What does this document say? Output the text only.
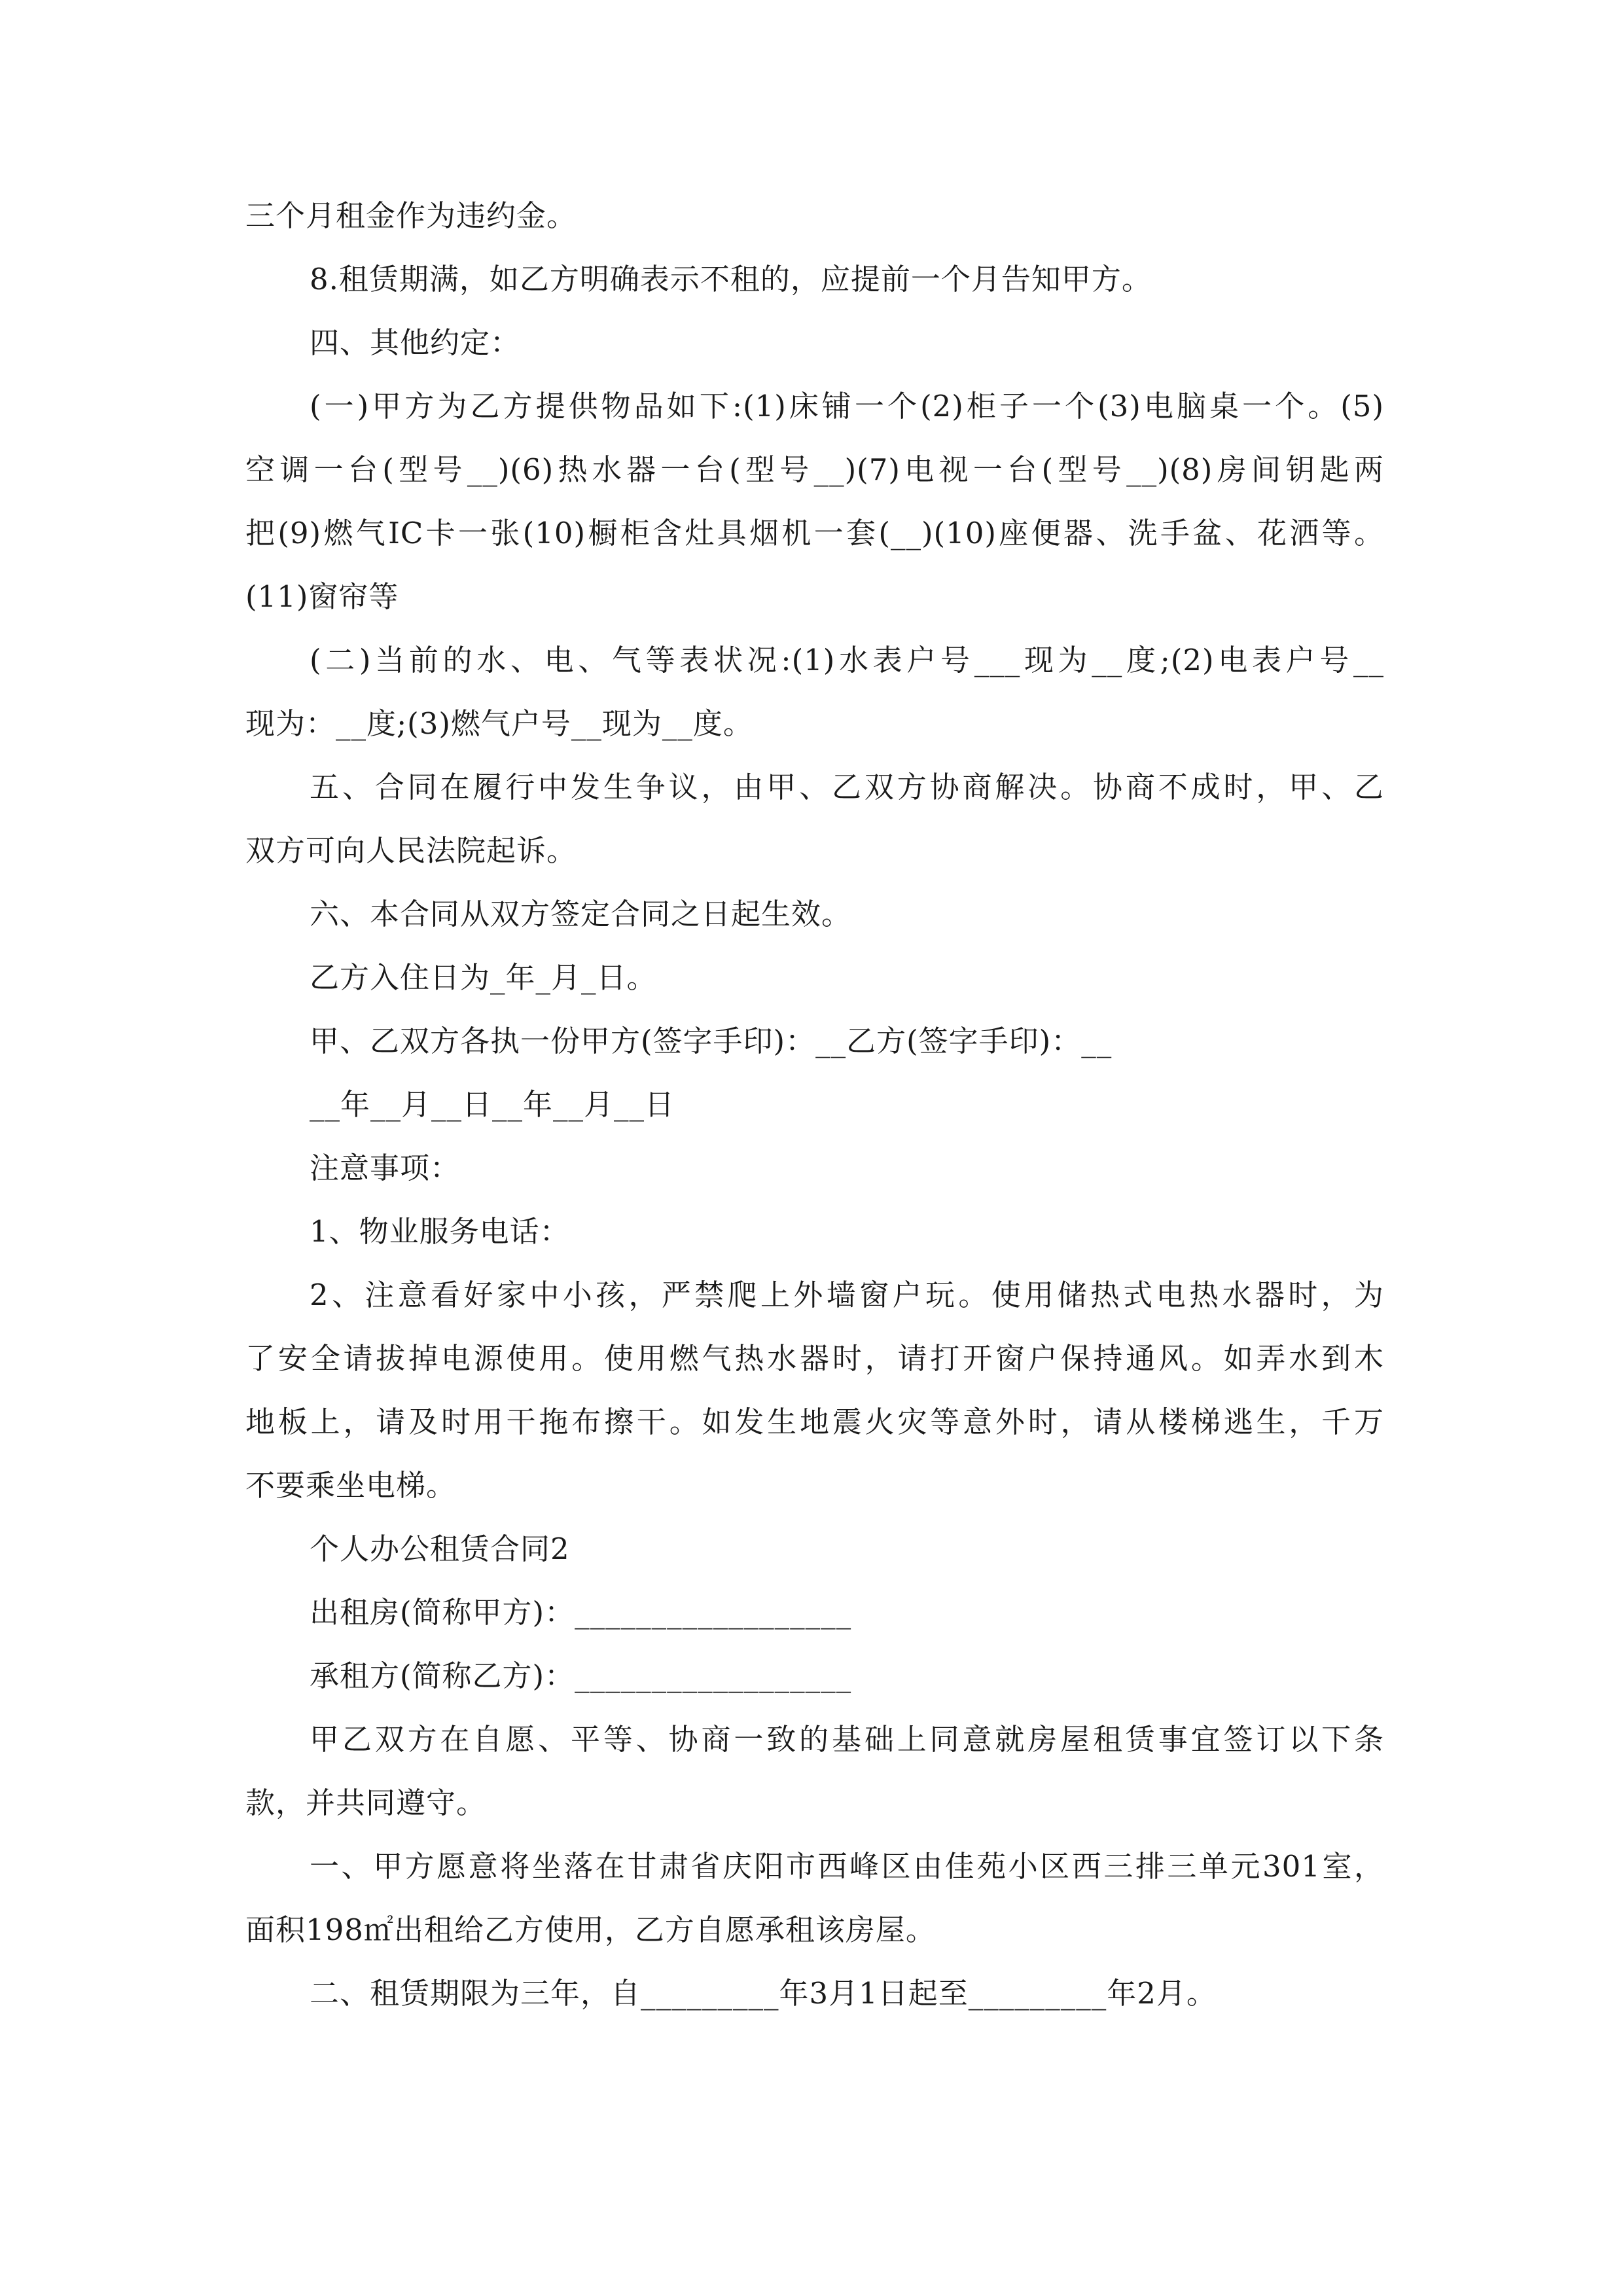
三个月租金作为违约金。
8.租赁期满，如乙方明确表示不租的，应提前一个月告知甲方。
四、其他约定：
(一)甲方为乙方提供物品如下:(1)床铺一个(2)柜子一个(3)电脑桌一个。(5)
空调一台(型号__)(6)热水器一台(型号__)(7)电视一台(型号__)(8)房间钥匙两
把(9)燃气IC卡一张(10)橱柜含灶具烟机一套(__)(10)座便器、洗手盆、花洒等。
(11)窗帘等
(二)当前的水、电、气等表状况:(1)水表户号___现为__度;(2)电表户号__
现为：__度;(3)燃气户号__现为__度。
五、合同在履行中发生争议，由甲、乙双方协商解决。协商不成时，甲、乙
双方可向人民法院起诉。
六、本合同从双方签定合同之日起生效。
乙方入住日为_年_月_日。
甲、乙双方各执一份甲方(签字手印)：__乙方(签字手印)：__
__年__月__日__年__月__日
注意事项：
1、物业服务电话：
2、注意看好家中小孩，严禁爬上外墙窗户玩。使用储热式电热水器时，为
了安全请拔掉电源使用。使用燃气热水器时，请打开窗户保持通风。如弄水到木
地板上，请及时用干拖布擦干。如发生地震火灾等意外时，请从楼梯逃生，千万
不要乘坐电梯。
个人办公租赁合同2
出租房(简称甲方)：__________________
承租方(简称乙方)：__________________
甲乙双方在自愿、平等、协商一致的基础上同意就房屋租赁事宜签订以下条
款，并共同遵守。
一、甲方愿意将坐落在甘肃省庆阳市西峰区由佳苑小区西三排三单元301室，
面积198㎡出租给乙方使用，乙方自愿承租该房屋。
二、租赁期限为三年，自_________年3月1日起至_________年2月。
